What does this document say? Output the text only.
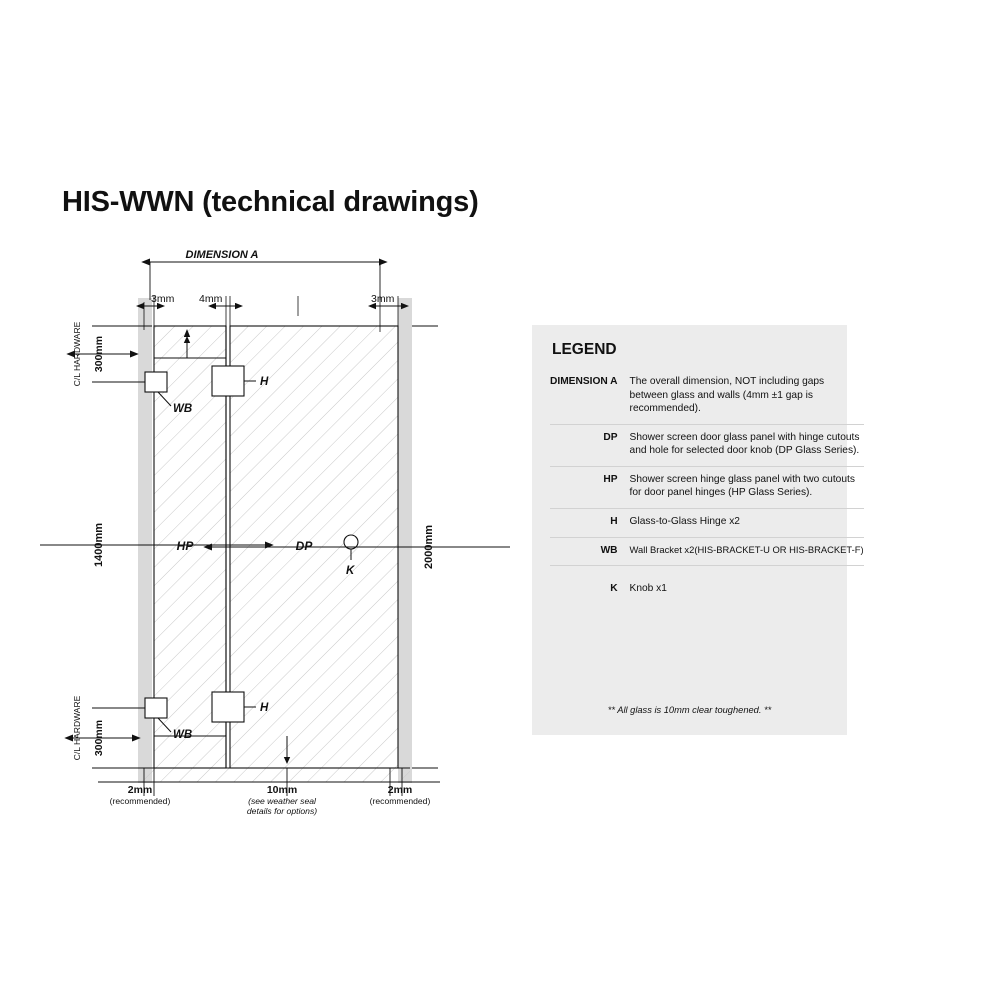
HIS-WWN (technical drawings)
3mm 4mm	3mm
DIMENSION A
H
H
WB
WB
K
HP	DP	2000mm
300mm
C/L HARDWARE
1400mm
300mm
C/L HARDWARE
2mm
(recommended)
10mm
(see weather seal
details for options)
2mm
(recommended)
LEGEND
DIMENSION A	The overall dimension, NOT including gaps between glass and walls (4mm ±1 gap is recommended).
DP	Shower screen door glass panel with hinge cutouts and hole for selected door knob (DP Glass Series).
HP	Shower screen hinge glass panel with two cutouts for door panel hinges (HP Glass Series).
H	Glass-to-Glass Hinge x2
WB	Wall Bracket x2(HIS-BRACKET-U OR HIS-BRACKET-F)
K	Knob x1
** All glass is 10mm clear toughened. **
